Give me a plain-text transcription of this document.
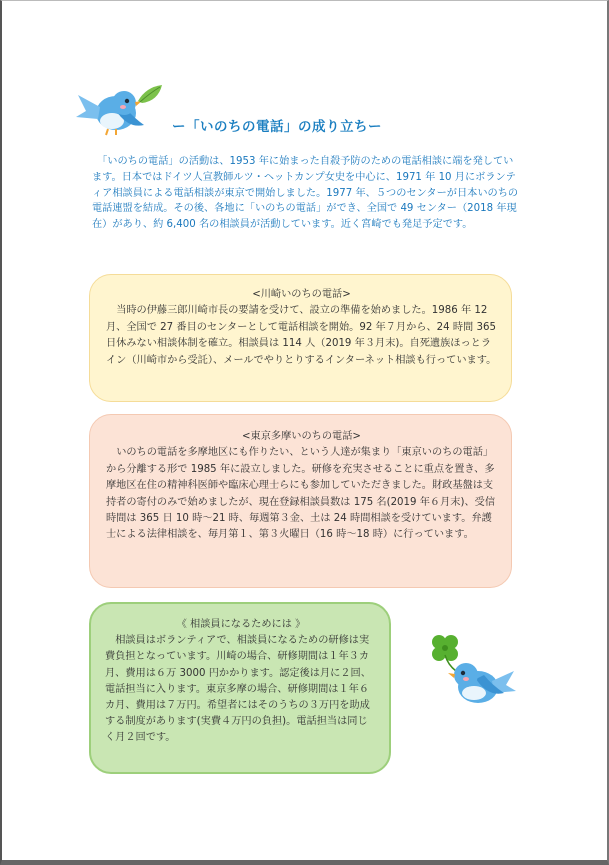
ー「いのちの電話」の成り立ちー

　「いのちの電話」の活動は、1953 年に始まった自殺予防のための電話相談に端を発しています。日本ではドイツ人宣教師ルツ・ヘットカンプ女史を中心に、1971 年 10 月にボランティア相談員による電話相談が東京で開始しました。1977 年、５つのセンターが日本いのちの電話連盟を結成。その後、各地に「いのちの電話」ができ、全国で 49 センター（2018 年現在）があり、約 6,400 名の相談員が活動しています。近く宮崎でも発足予定です。

<川崎いのちの電話>

当時の伊藤三郎川崎市長の要請を受けて、設立の準備を始めました。1986 年 12 月、全国で 27 番目のセンターとして電話相談を開始。92 年７月から、24 時間 365 日休みない相談体制を確立。相談員は 114 人（2019 年３月末)。自死遺族ほっとライン（川崎市から受託）、メールでやりとりするインターネット相談も行っています。

<東京多摩いのちの電話>

いのちの電話を多摩地区にも作りたい、という人達が集まり「東京いのちの電話」から分離する形で 1985 年に設立しました。研修を充実させることに重点を置き、多摩地区在住の精神科医師や臨床心理士らにも参加していただきました。財政基盤は支持者の寄付のみで始めましたが、現在登録相談員数は 175 名(2019 年６月末)、受信時間は 365 日 10 時～21 時、毎週第３金、土は 24 時間相談を受けています。弁護士による法律相談を、毎月第１、第３火曜日（16 時～18 時）に行っています。

《 相談員になるためには 》

相談員はボランティアで、相談員になるための研修は実費負担となっています。川崎の場合、研修期間は１年３カ月、費用は６万 3000 円かかります。認定後は月に２回、電話担当に入ります。東京多摩の場合、研修期間は１年６カ月、費用は７万円。希望者にはそのうちの３万円を助成する制度があります(実費４万円の負担)。電話担当は同じく月２回です。
